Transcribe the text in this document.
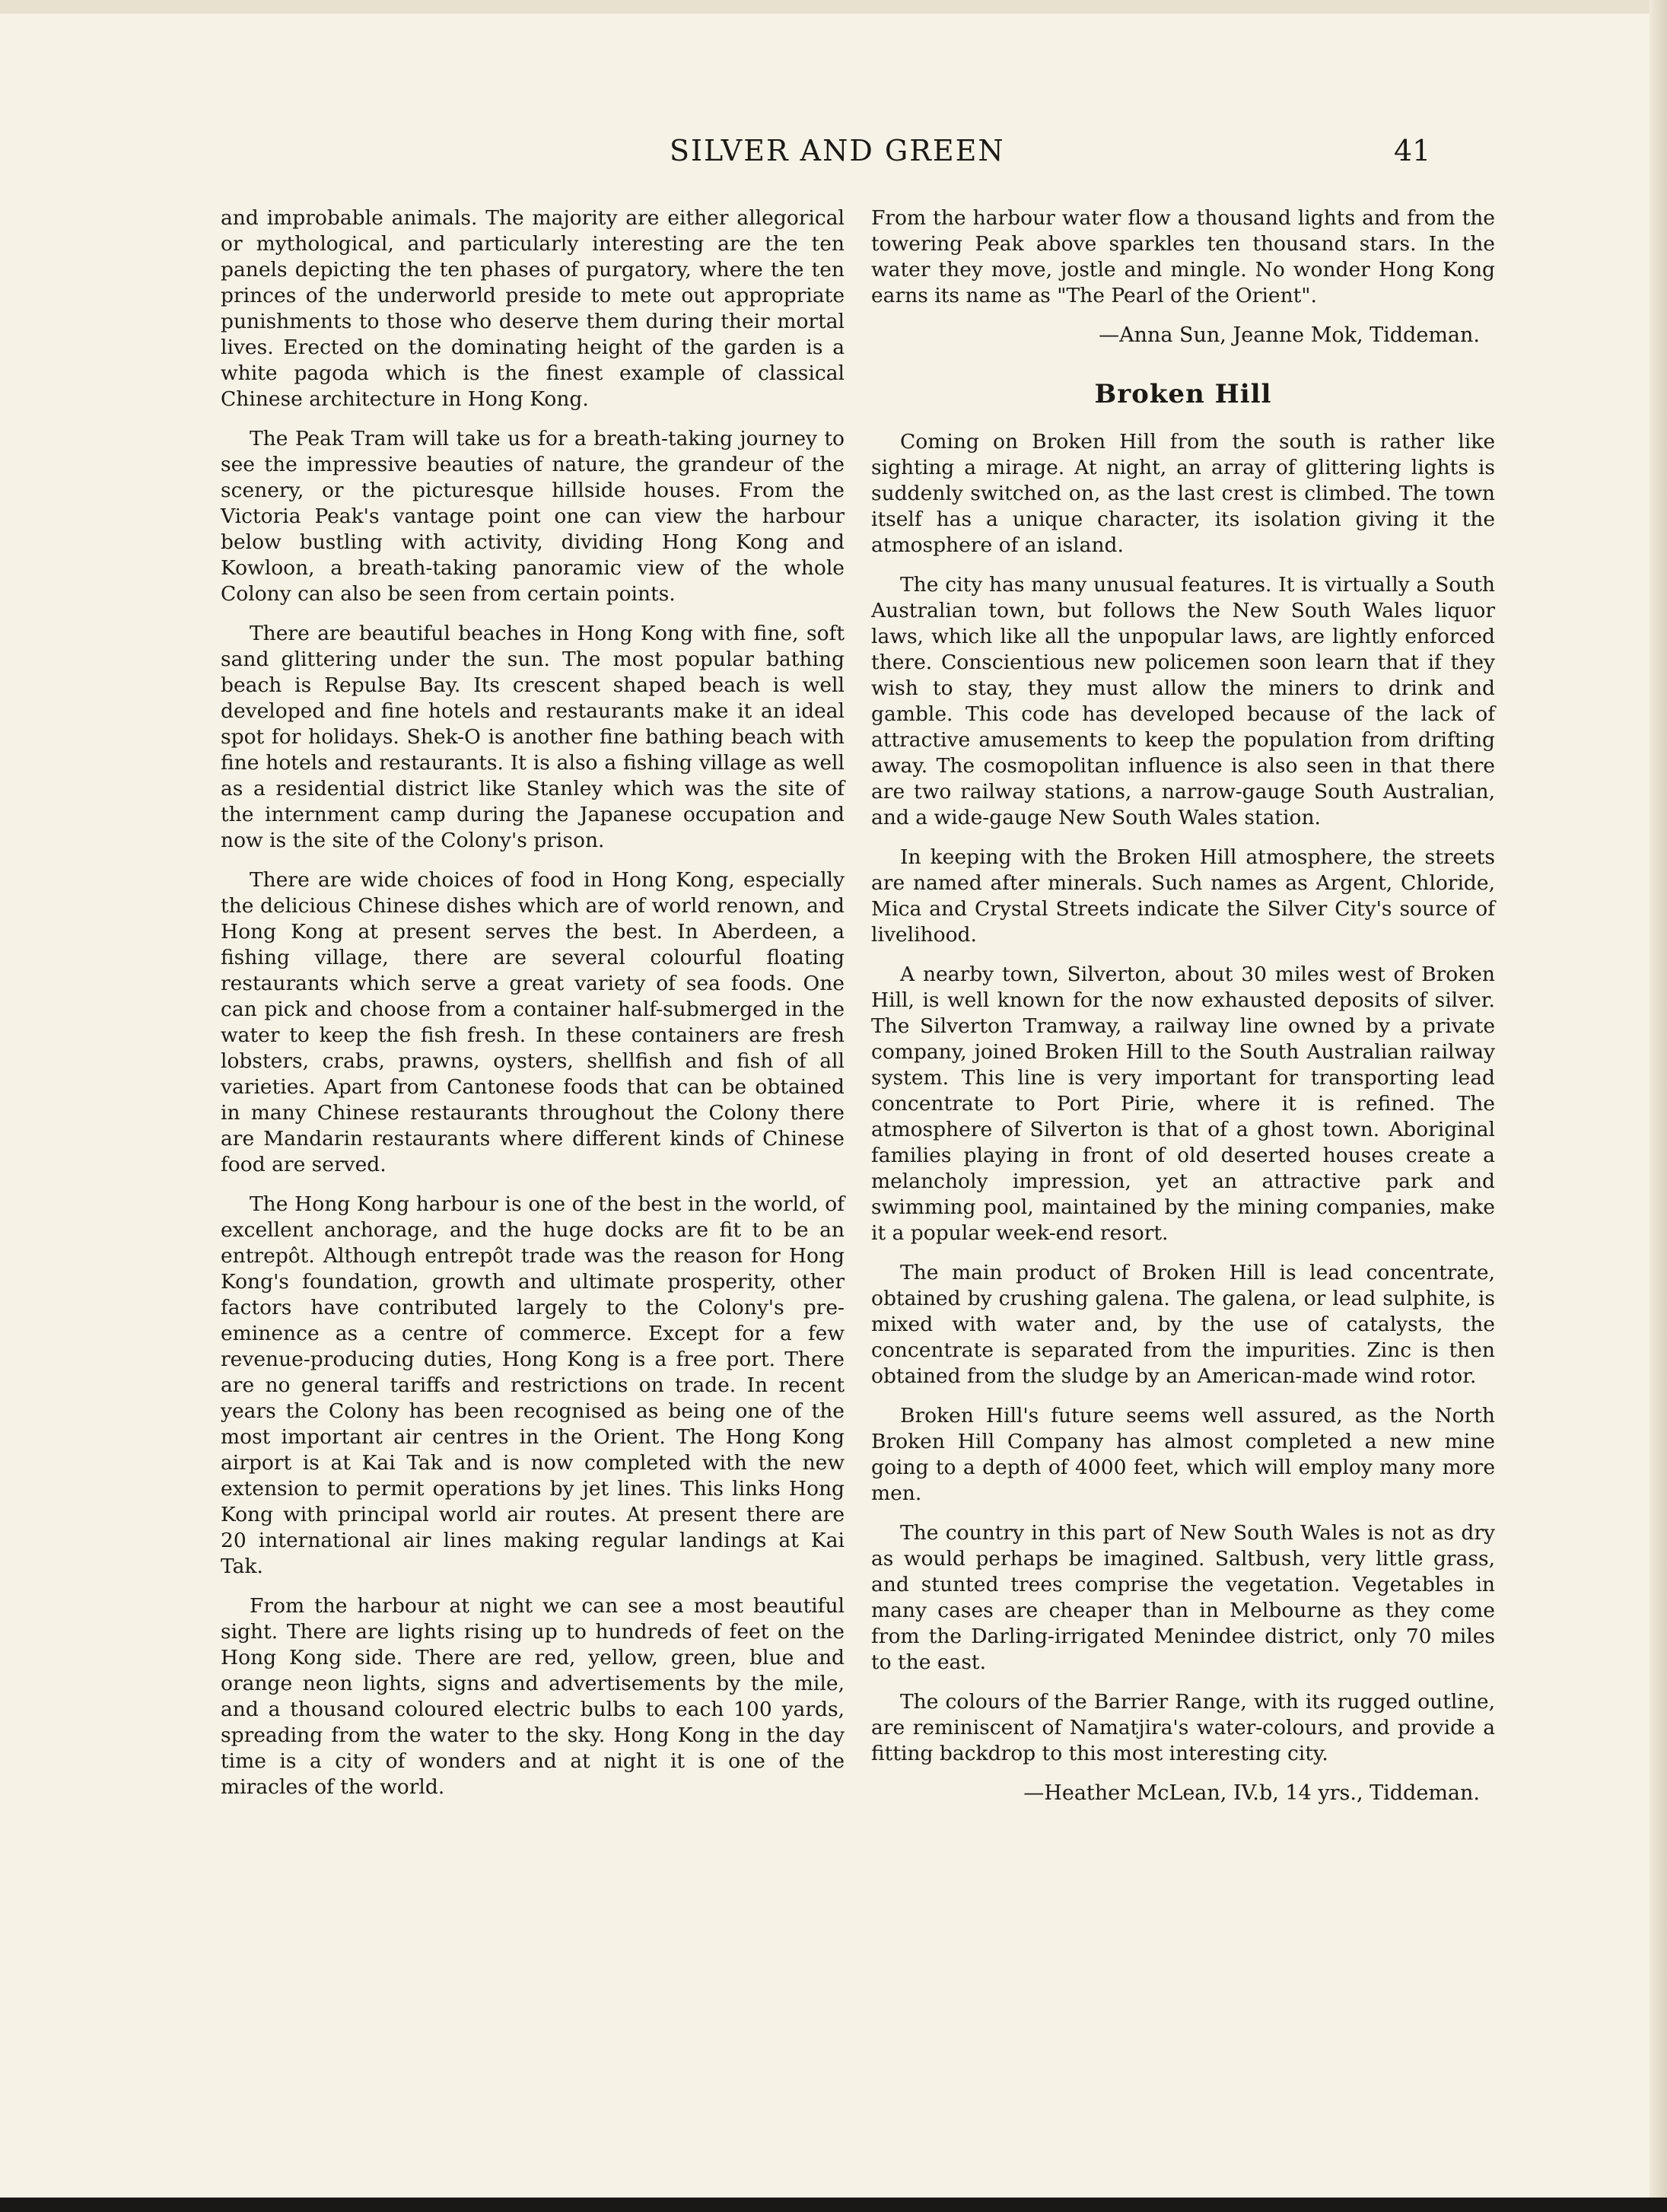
SILVER AND GREEN	41

and improbable animals. The majority are either allegorical or mythological, and particularly interesting are the ten panels depicting the ten phases of purgatory, where the ten princes of the underworld preside to mete out appropriate punishments to those who deserve them during their mortal lives. Erected on the dominating height of the garden is a white pagoda which is the finest example of classical Chinese architecture in Hong Kong.

The Peak Tram will take us for a breath-taking journey to see the impressive beauties of nature, the grandeur of the scenery, or the picturesque hillside houses. From the Victoria Peak's vantage point one can view the harbour below bustling with activity, dividing Hong Kong and Kowloon, a breath-taking panoramic view of the whole Colony can also be seen from certain points.

There are beautiful beaches in Hong Kong with fine, soft sand glittering under the sun. The most popular bathing beach is Repulse Bay. Its crescent shaped beach is well developed and fine hotels and restaurants make it an ideal spot for holidays. Shek-O is another fine bathing beach with fine hotels and restaurants. It is also a fishing village as well as a residential district like Stanley which was the site of the internment camp during the Japanese occupation and now is the site of the Colony's prison.

There are wide choices of food in Hong Kong, especially the delicious Chinese dishes which are of world renown, and Hong Kong at present serves the best. In Aberdeen, a fishing village, there are several colourful floating restaurants which serve a great variety of sea foods. One can pick and choose from a container half-submerged in the water to keep the fish fresh. In these containers are fresh lobsters, crabs, prawns, oysters, shellfish and fish of all varieties. Apart from Cantonese foods that can be obtained in many Chinese restaurants throughout the Colony there are Mandarin restaurants where different kinds of Chinese food are served.

The Hong Kong harbour is one of the best in the world, of excellent anchorage, and the huge docks are fit to be an entrepôt. Although entrepôt trade was the reason for Hong Kong's foundation, growth and ultimate prosperity, other factors have contributed largely to the Colony's pre-eminence as a centre of commerce. Except for a few revenue-producing duties, Hong Kong is a free port. There are no general tariffs and restrictions on trade. In recent years the Colony has been recognised as being one of the most important air centres in the Orient. The Hong Kong airport is at Kai Tak and is now completed with the new extension to permit operations by jet lines. This links Hong Kong with principal world air routes. At present there are 20 international air lines making regular landings at Kai Tak.

From the harbour at night we can see a most beautiful sight. There are lights rising up to hundreds of feet on the Hong Kong side. There are red, yellow, green, blue and orange neon lights, signs and advertisements by the mile, and a thousand coloured electric bulbs to each 100 yards, spreading from the water to the sky. Hong Kong in the day time is a city of wonders and at night it is one of the miracles of the world.

From the harbour water flow a thousand lights and from the towering Peak above sparkles ten thousand stars. In the water they move, jostle and mingle. No wonder Hong Kong earns its name as "The Pearl of the Orient".

—Anna Sun, Jeanne Mok, Tiddeman.
Broken Hill

Coming on Broken Hill from the south is rather like sighting a mirage. At night, an array of glittering lights is suddenly switched on, as the last crest is climbed. The town itself has a unique character, its isolation giving it the atmosphere of an island.

The city has many unusual features. It is virtually a South Australian town, but follows the New South Wales liquor laws, which like all the unpopular laws, are lightly enforced there. Conscientious new policemen soon learn that if they wish to stay, they must allow the miners to drink and gamble. This code has developed because of the lack of attractive amusements to keep the population from drifting away. The cosmopolitan influence is also seen in that there are two railway stations, a narrow-gauge South Australian, and a wide-gauge New South Wales station.

In keeping with the Broken Hill atmosphere, the streets are named after minerals. Such names as Argent, Chloride, Mica and Crystal Streets indicate the Silver City's source of livelihood.

A nearby town, Silverton, about 30 miles west of Broken Hill, is well known for the now exhausted deposits of silver. The Silverton Tramway, a railway line owned by a private company, joined Broken Hill to the South Australian railway system. This line is very important for transporting lead concentrate to Port Pirie, where it is refined. The atmosphere of Silverton is that of a ghost town. Aboriginal families playing in front of old deserted houses create a melancholy impression, yet an attractive park and swimming pool, maintained by the mining companies, make it a popular week-end resort.

The main product of Broken Hill is lead concentrate, obtained by crushing galena. The galena, or lead sulphite, is mixed with water and, by the use of catalysts, the concentrate is separated from the impurities. Zinc is then obtained from the sludge by an American-made wind rotor.

Broken Hill's future seems well assured, as the North Broken Hill Company has almost completed a new mine going to a depth of 4000 feet, which will employ many more men.

The country in this part of New South Wales is not as dry as would perhaps be imagined. Saltbush, very little grass, and stunted trees comprise the vegetation. Vegetables in many cases are cheaper than in Melbourne as they come from the Darling-irrigated Menindee district, only 70 miles to the east.

The colours of the Barrier Range, with its rugged outline, are reminiscent of Namatjira's water-colours, and provide a fitting backdrop to this most interesting city.

—Heather McLean, IV.b, 14 yrs., Tiddeman.
